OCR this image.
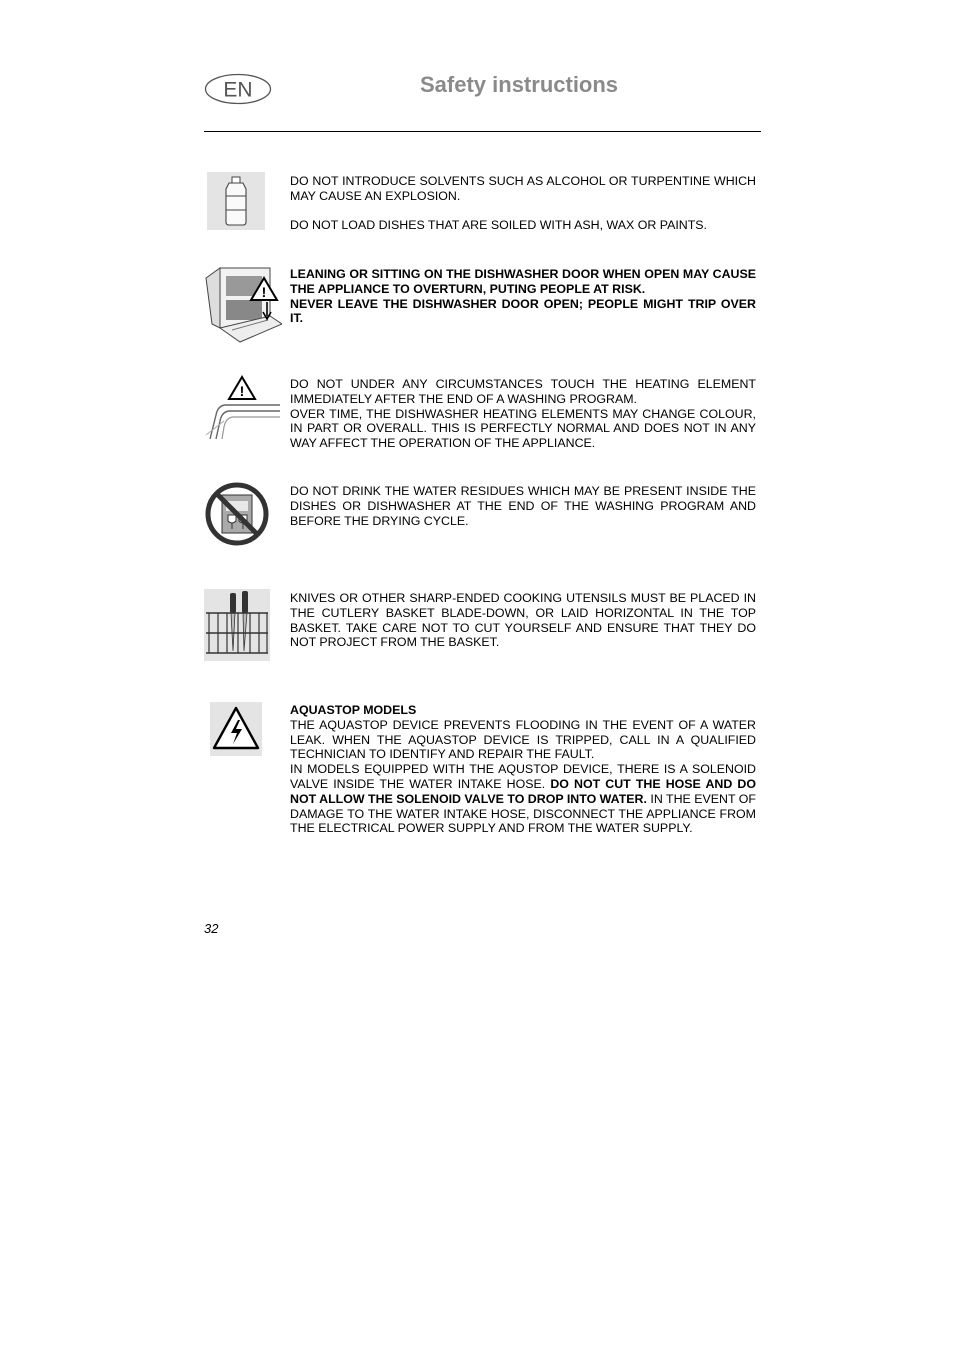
EN	Safety instructions

DO NOT INTRODUCE SOLVENTS SUCH AS ALCOHOL OR TURPENTINE WHICH MAY CAUSE AN EXPLOSION.

DO NOT LOAD DISHES THAT ARE SOILED WITH ASH, WAX OR PAINTS.

!

LEANING OR SITTING ON THE DISHWASHER DOOR WHEN OPEN MAY CAUSE THE APPLIANCE TO OVERTURN, PUTING PEOPLE AT RISK.

NEVER LEAVE THE DISHWASHER DOOR OPEN; PEOPLE MIGHT TRIP OVER IT.

!	DO NOT UNDER ANY CIRCUMSTANCES TOUCH THE HEATING ELEMENT IMMEDIATELY AFTER THE END OF A WASHING PROGRAM.

OVER TIME, THE DISHWASHER HEATING ELEMENTS MAY CHANGE COLOUR, IN PART OR OVERALL. THIS IS PERFECTLY NORMAL AND DOES NOT IN ANY WAY AFFECT THE OPERATION OF THE APPLIANCE.

DO NOT DRINK THE WATER RESIDUES WHICH MAY BE PRESENT INSIDE THE DISHES OR DISHWASHER AT THE END OF THE WASHING PROGRAM AND BEFORE THE DRYING CYCLE.

KNIVES OR OTHER SHARP-ENDED COOKING UTENSILS MUST BE PLACED IN THE CUTLERY BASKET BLADE-DOWN, OR LAID HORIZONTAL IN THE TOP BASKET. TAKE CARE NOT TO CUT YOURSELF AND ENSURE THAT THEY DO NOT PROJECT FROM THE BASKET.

AQUASTOP MODELS

THE AQUASTOP DEVICE PREVENTS FLOODING IN THE EVENT OF A WATER LEAK. WHEN THE AQUASTOP DEVICE IS TRIPPED, CALL IN A QUALIFIED TECHNICIAN TO IDENTIFY AND REPAIR THE FAULT.

IN MODELS EQUIPPED WITH THE AQUSTOP DEVICE, THERE IS A SOLENOID VALVE INSIDE THE WATER INTAKE HOSE. DO NOT CUT THE HOSE AND DO NOT ALLOW THE SOLENOID VALVE TO DROP INTO WATER. IN THE EVENT OF DAMAGE TO THE WATER INTAKE HOSE, DISCONNECT THE APPLIANCE FROM THE ELECTRICAL POWER SUPPLY AND FROM THE WATER SUPPLY.

32
